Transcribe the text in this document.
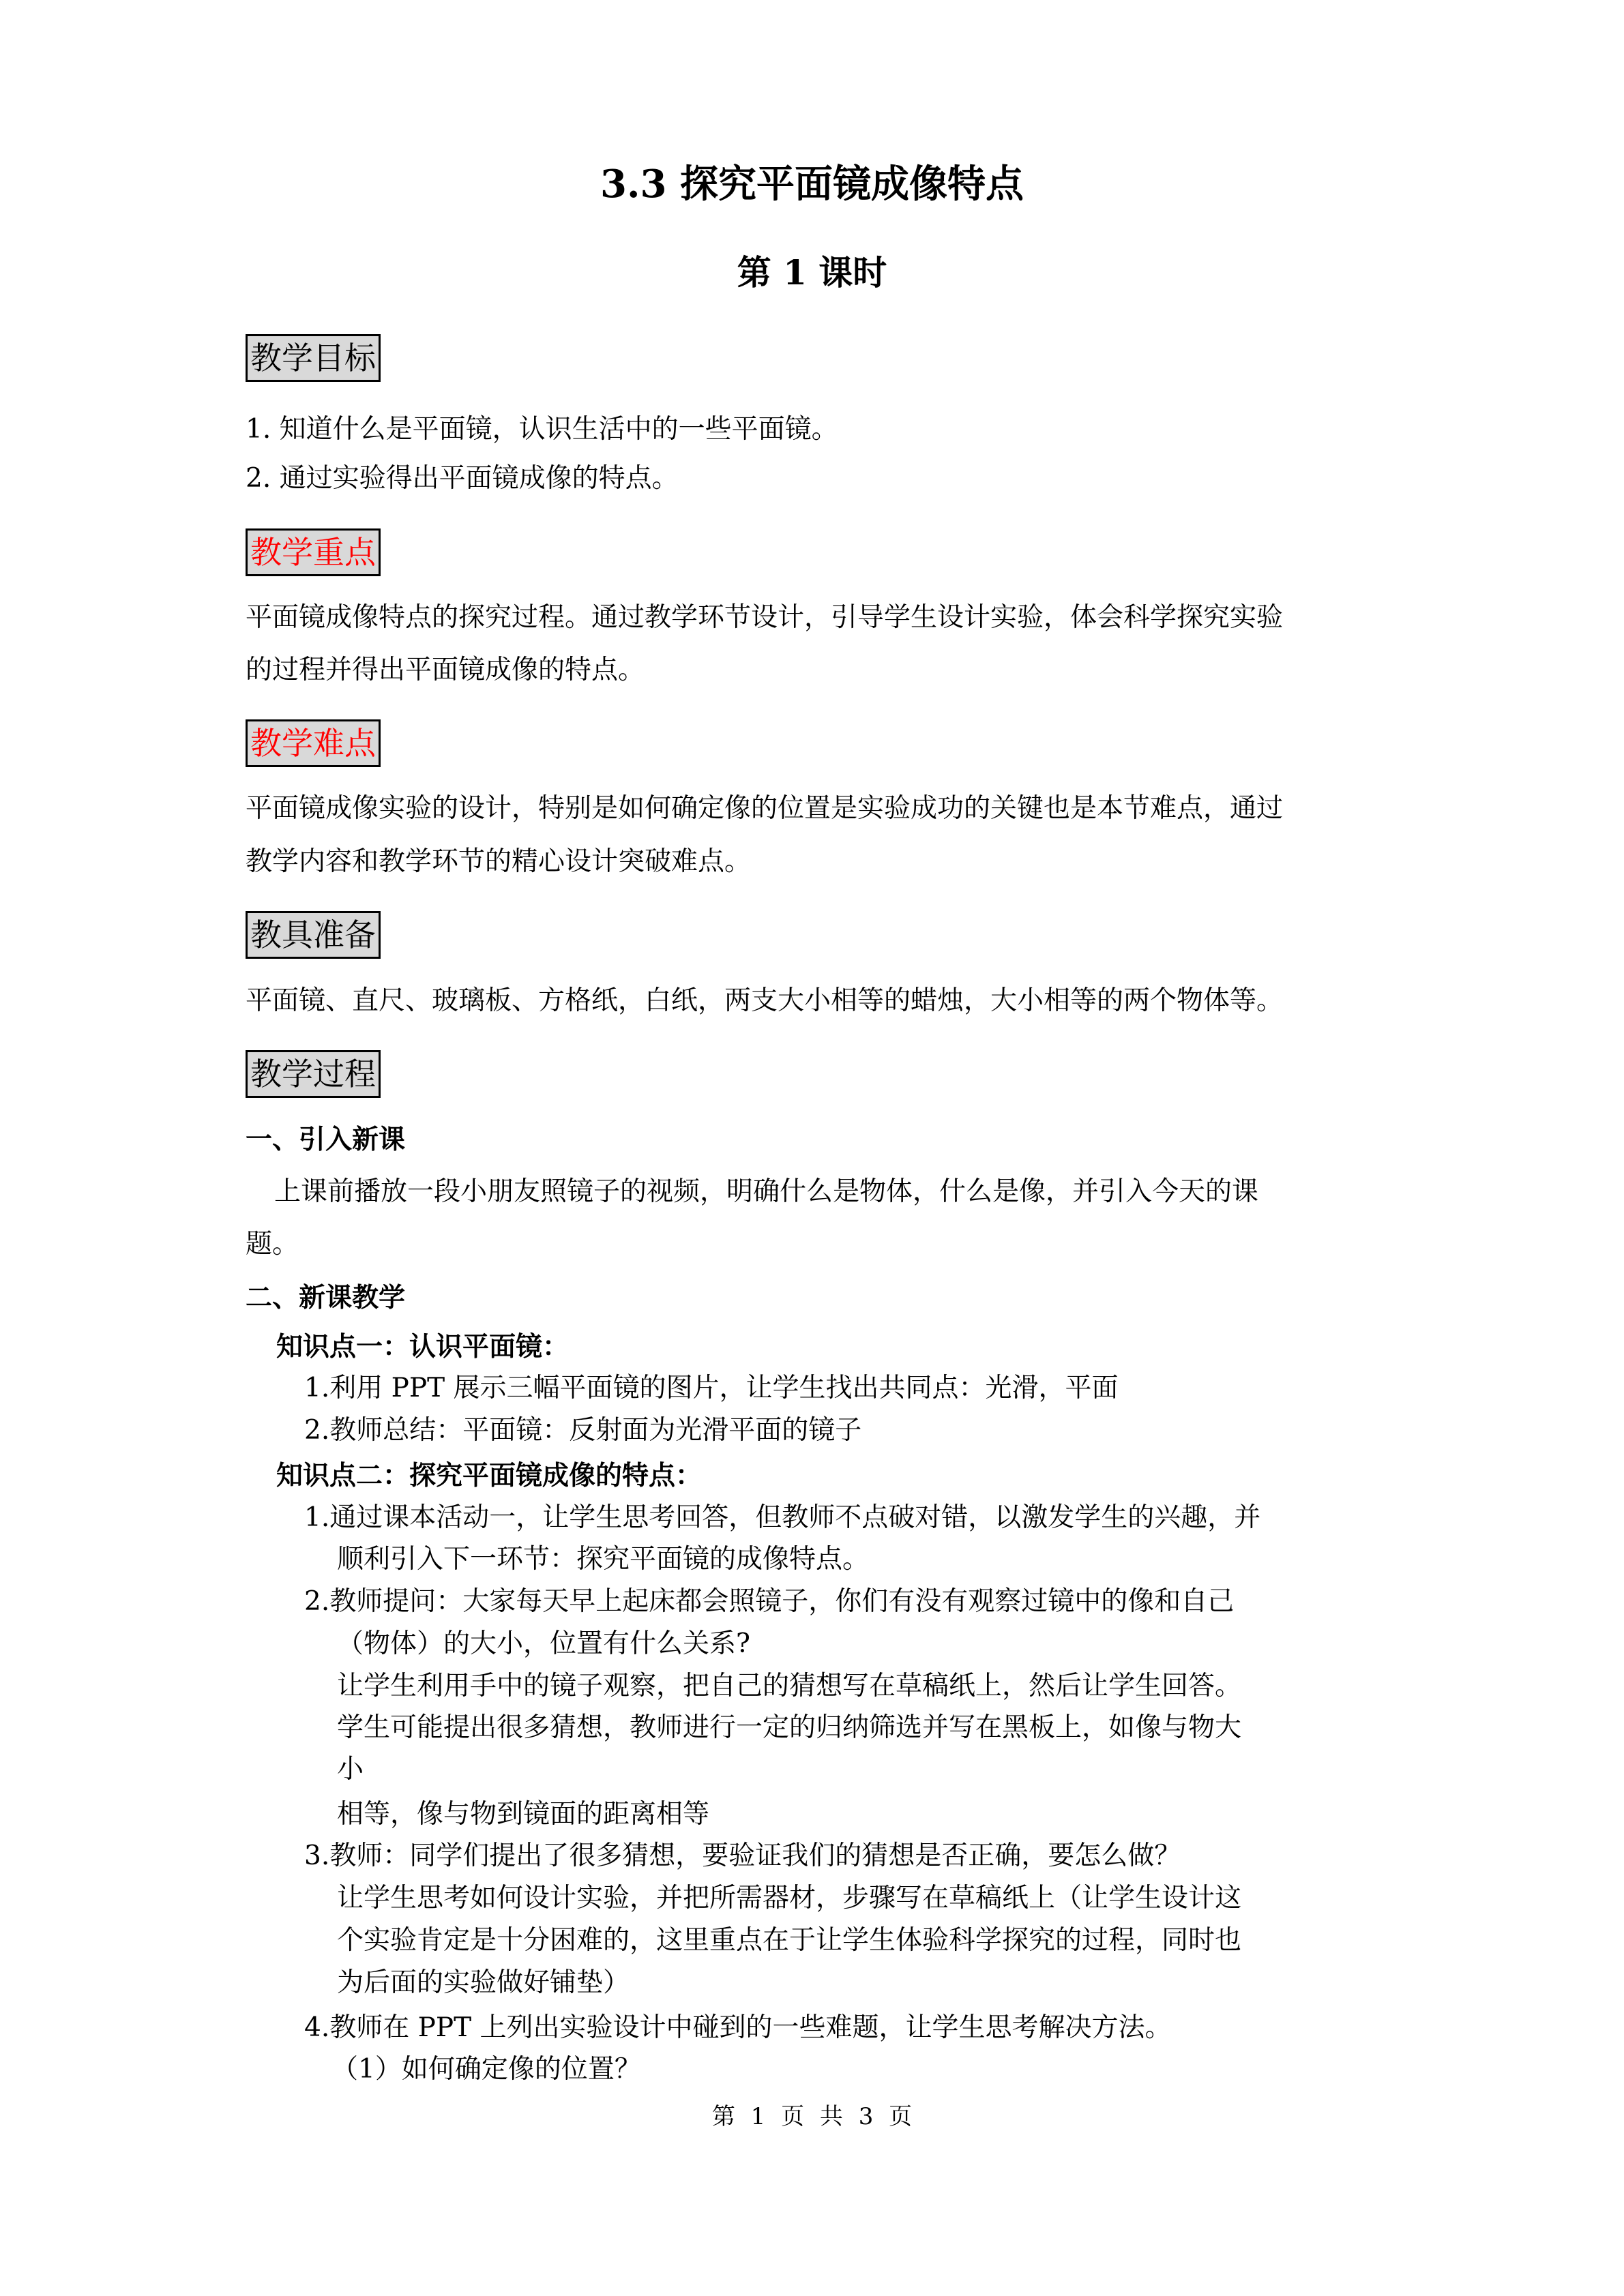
3.3 探究平面镜成像特点
第 1 课时
教学目标
1. 知道什么是平面镜，认识生活中的一些平面镜。
2. 通过实验得出平面镜成像的特点。
教学重点
平面镜成像特点的探究过程。通过教学环节设计，引导学生设计实验，体会科学探究实验
的过程并得出平面镜成像的特点。
教学难点
平面镜成像实验的设计，特别是如何确定像的位置是实验成功的关键也是本节难点，通过
教学内容和教学环节的精心设计突破难点。
教具准备
平面镜、直尺、玻璃板、方格纸，白纸，两支大小相等的蜡烛，大小相等的两个物体等。
教学过程
一、引入新课
上课前播放一段小朋友照镜子的视频，明确什么是物体，什么是像，并引入今天的课
题。
二、新课教学
知识点一：认识平面镜：
1.利用 PPT 展示三幅平面镜的图片，让学生找出共同点：光滑，平面
2.教师总结：平面镜：反射面为光滑平面的镜子
知识点二：探究平面镜成像的特点：
1.通过课本活动一，让学生思考回答，但教师不点破对错，以激发学生的兴趣，并
顺利引入下一环节：探究平面镜的成像特点。
2.教师提问：大家每天早上起床都会照镜子，你们有没有观察过镜中的像和自己
（物体）的大小，位置有什么关系?
让学生利用手中的镜子观察，把自己的猜想写在草稿纸上，然后让学生回答。
学生可能提出很多猜想，教师进行一定的归纳筛选并写在黑板上，如像与物大
小
相等，像与物到镜面的距离相等
3.教师：同学们提出了很多猜想，要验证我们的猜想是否正确，要怎么做？
让学生思考如何设计实验，并把所需器材，步骤写在草稿纸上（让学生设计这
个实验肯定是十分困难的，这里重点在于让学生体验科学探究的过程，同时也
为后面的实验做好铺垫）
4.教师在 PPT 上列出实验设计中碰到的一些难题，让学生思考解决方法。
（1）如何确定像的位置？
第 1 页 共 3 页
